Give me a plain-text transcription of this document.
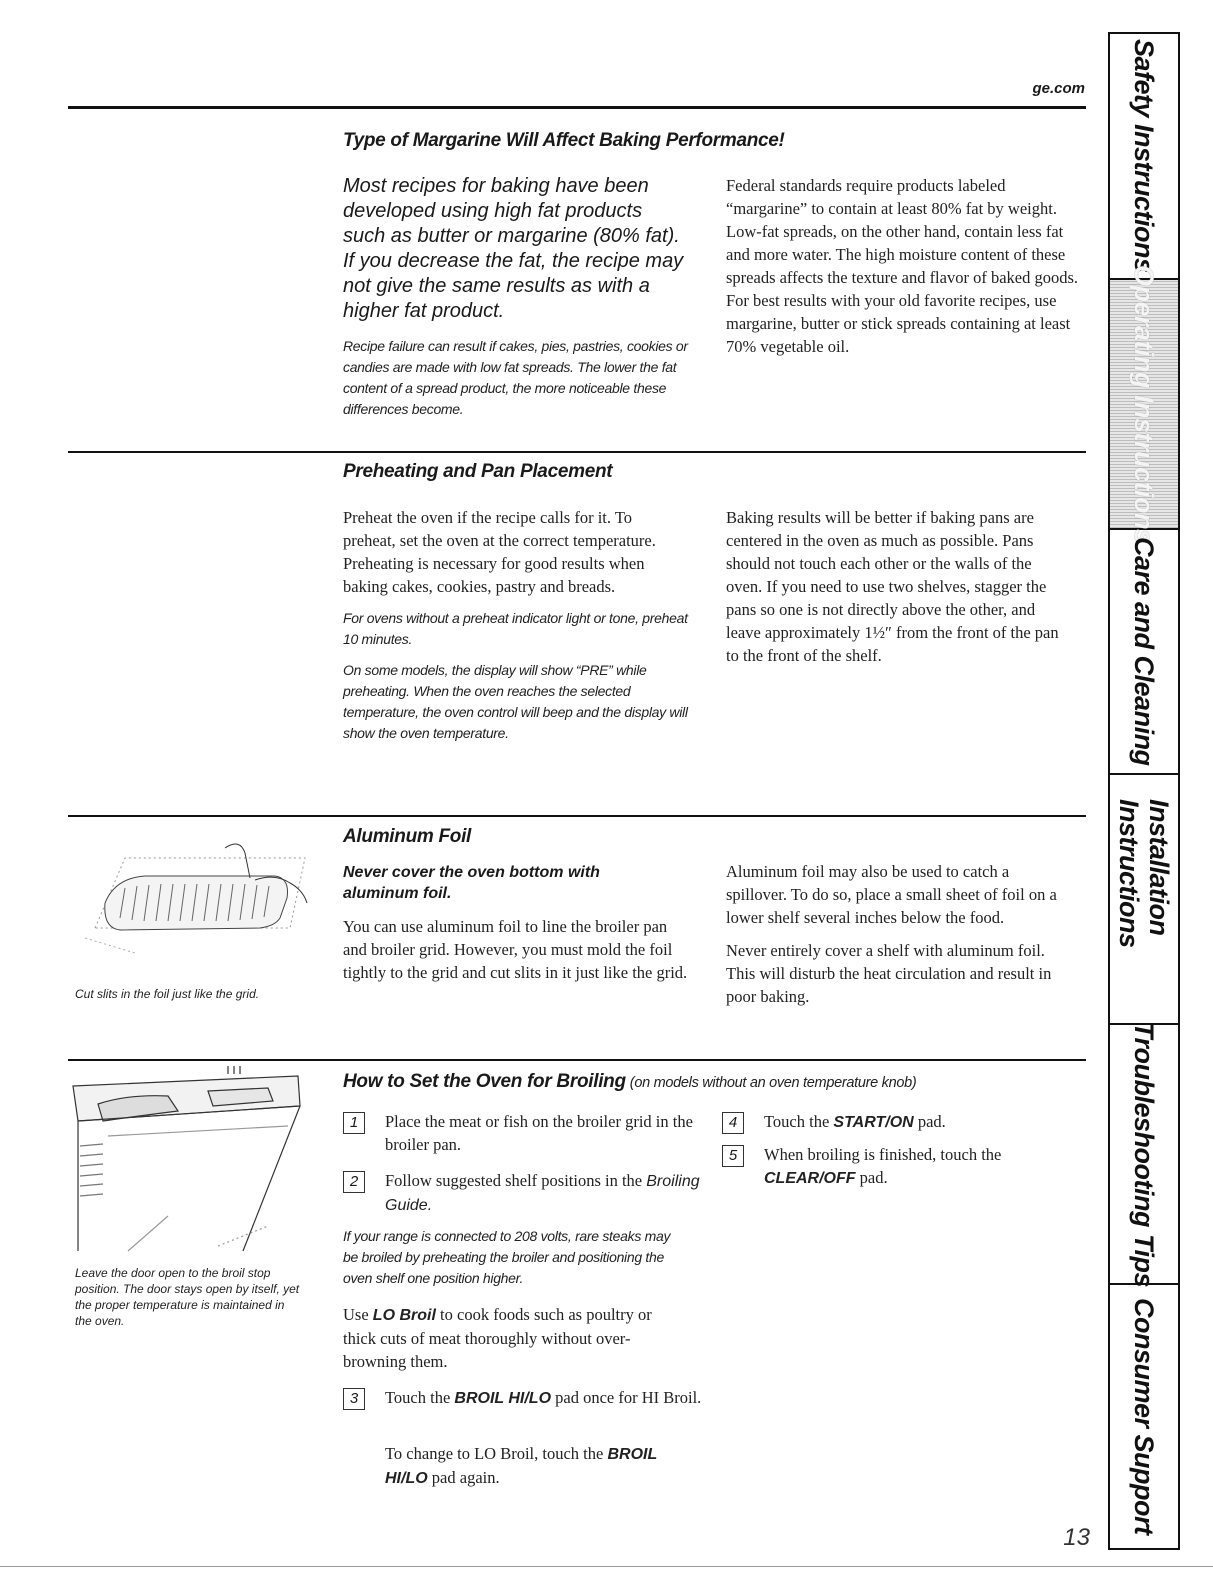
ge.com
Type of Margarine Will Affect Baking Performance!
Most recipes for baking have been developed using high fat products such as butter or margarine (80% fat). If you decrease the fat, the recipe may not give the same results as with a higher fat product.
Recipe failure can result if cakes, pies, pastries, cookies or candies are made with low fat spreads. The lower the fat content of a spread product, the more noticeable these differences become.
Federal standards require products labeled “margarine” to contain at least 80% fat by weight. Low-fat spreads, on the other hand, contain less fat and more water. The high moisture content of these spreads affects the texture and flavor of baked goods. For best results with your old favorite recipes, use margarine, butter or stick spreads containing at least 70% vegetable oil.
Preheating and Pan Placement

Preheat the oven if the recipe calls for it. To preheat, set the oven at the correct temperature. Preheating is necessary for good results when baking cakes, cookies, pastry and breads.

For ovens without a preheat indicator light or tone, preheat 10 minutes.

On some models, the display will show “PRE” while preheating. When the oven reaches the selected temperature, the oven control will beep and the display will show the oven temperature.

Baking results will be better if baking pans are centered in the oven as much as possible. Pans should not touch each other or the walls of the oven. If you need to use two shelves, stagger the pans so one is not directly above the other, and leave approximately 1½″ from the front of the pan to the front of the shelf.
Cut slits in the foil just like the grid.
Aluminum Foil
Never cover the oven bottom with aluminum foil.
You can use aluminum foil to line the broiler pan and broiler grid. However, you must mold the foil tightly to the grid and cut slits in it just like the grid.

Aluminum foil may also be used to catch a spillover. To do so, place a small sheet of foil on a lower shelf several inches below the food.

Never entirely cover a shelf with aluminum foil. This will disturb the heat circulation and result in poor baking.

Leave the door open to the broil stop position. The door stays open by itself, yet the proper temperature is maintained in the oven.
How to Set the Oven for Broiling (on models without an oven temperature knob)
1	Place the meat or fish on the broiler grid in the broiler pan.
2	Follow suggested shelf positions in the Broiling Guide.
If your range is connected to 208 volts, rare steaks may be broiled by preheating the broiler and positioning the oven shelf one position higher.
Use LO Broil to cook foods such as poultry or thick cuts of meat thoroughly without over-browning them.
3	Touch the BROIL HI/LO pad once for HI Broil.
To change to LO Broil, touch the BROIL HI/LO pad again.
4	Touch the START/ON pad.
5	When broiling is finished, touch the CLEAR/OFF pad.
13
Safety Instructions
Operating Instructions
Care and Cleaning
Installation Instructions
Troubleshooting Tips
Consumer Support
